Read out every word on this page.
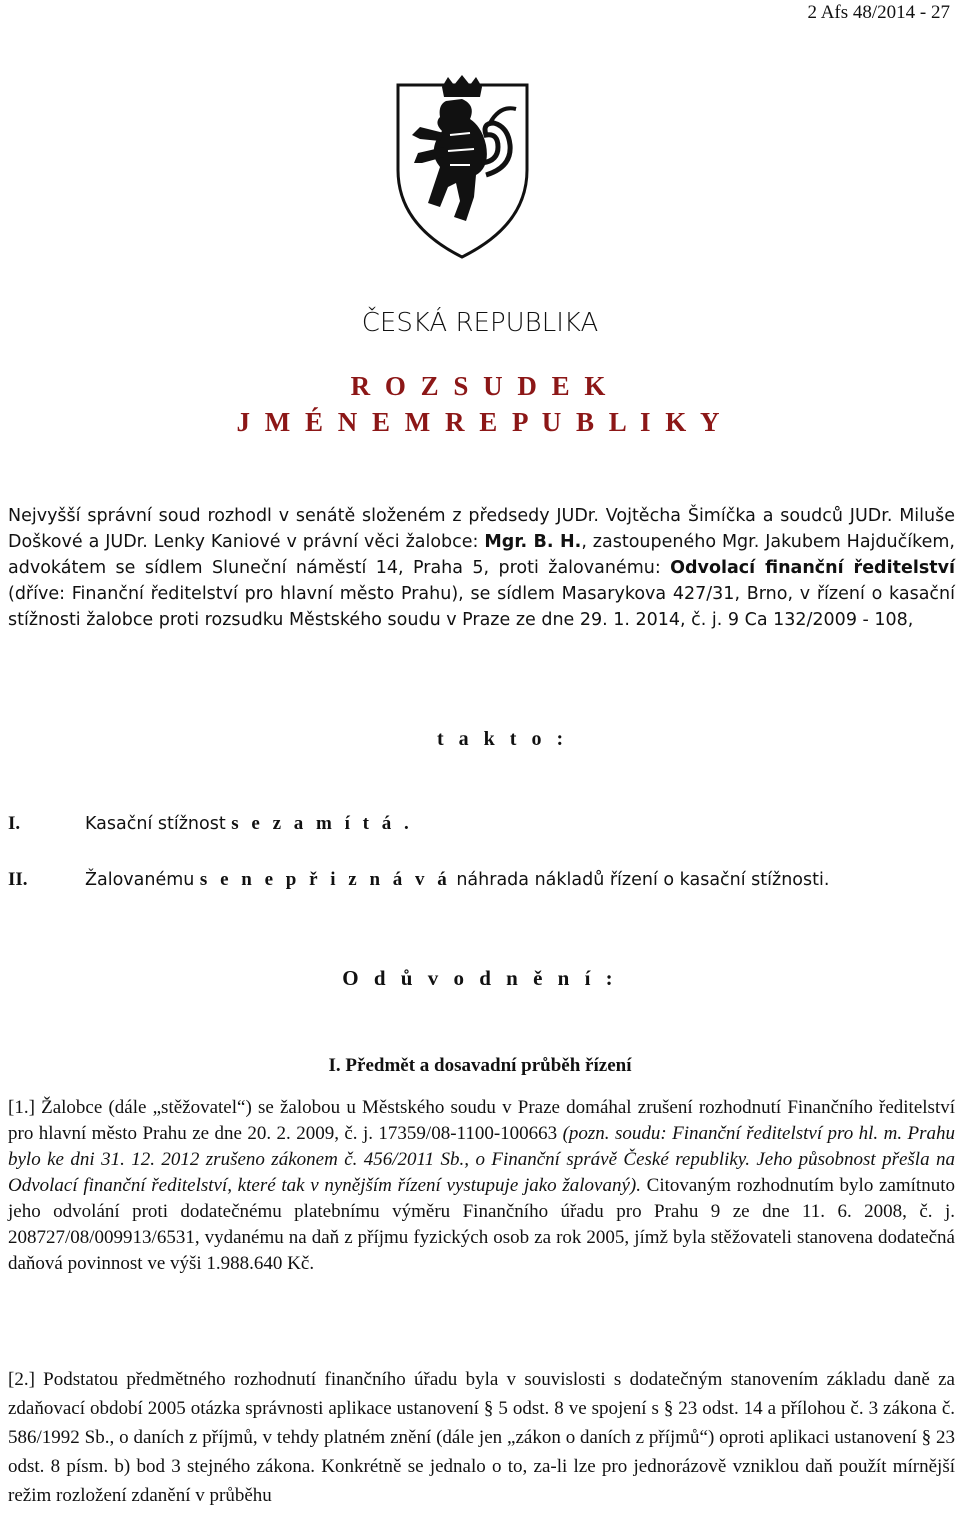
2 Afs 48/2014 - 27
ČESKÁ REPUBLIKA
R O Z S U D E K
J M É N E M R E P U B L I K Y
Nejvyšší správní soud rozhodl v senátě složeném z předsedy JUDr. Vojtěcha Šimíčka a soudců JUDr. Miluše Doškové a JUDr. Lenky Kaniové v právní věci žalobce: Mgr. B. H., zastoupeného Mgr. Jakubem Hajdučíkem, advokátem se sídlem Sluneční náměstí 14, Praha 5, proti žalovanému: Odvolací finanční ředitelství (dříve: Finanční ředitelství pro hlavní město Prahu), se sídlem Masarykova 427/31, Brno, v řízení o kasační stížnosti žalobce proti rozsudku Městského soudu v Praze ze dne 29. 1. 2014, č. j. 9 Ca 132/2009 - 108,
t a k t o :
I.	Kasační stížnost s e z a m í t á .
II.	Žalovanému s e n e p ř i z n á v á náhrada nákladů řízení o kasační stížnosti.
O d ů v o d n ě n í :
I. Předmět a dosavadní průběh řízení
[1.] Žalobce (dále „stěžovatel“) se žalobou u Městského soudu v Praze domáhal zrušení rozhodnutí Finančního ředitelství pro hlavní město Prahu ze dne 20. 2. 2009, č. j. 17359/08-1100-100663 (pozn. soudu: Finanční ředitelství pro hl. m. Prahu bylo ke dni 31. 12. 2012 zrušeno zákonem č. 456/2011 Sb., o Finanční správě České republiky. Jeho působnost přešla na Odvolací finanční ředitelství, které tak v nynějším řízení vystupuje jako žalovaný). Citovaným rozhodnutím bylo zamítnuto jeho odvolání proti dodatečnému platebnímu výměru Finančního úřadu pro Prahu 9 ze dne 11. 6. 2008, č. j. 208727/08/009913/6531, vydanému na daň z příjmu fyzických osob za rok 2005, jímž byla stěžovateli stanovena dodatečná daňová povinnost ve výši 1.988.640 Kč.
[2.] Podstatou předmětného rozhodnutí finančního úřadu byla v souvislosti s dodatečným stanovením základu daně za zdaňovací období 2005 otázka správnosti aplikace ustanovení § 5 odst. 8 ve spojení s § 23 odst. 14 a přílohou č. 3 zákona č. 586/1992 Sb., o daních z příjmů, v tehdy platném znění (dále jen „zákon o daních z příjmů“) oproti aplikaci ustanovení § 23 odst. 8 písm. b) bod 3 stejného zákona. Konkrétně se jednalo o to, za-li lze pro jednorázově vzniklou daň použít mírnější režim rozložení zdanění v průběhu
